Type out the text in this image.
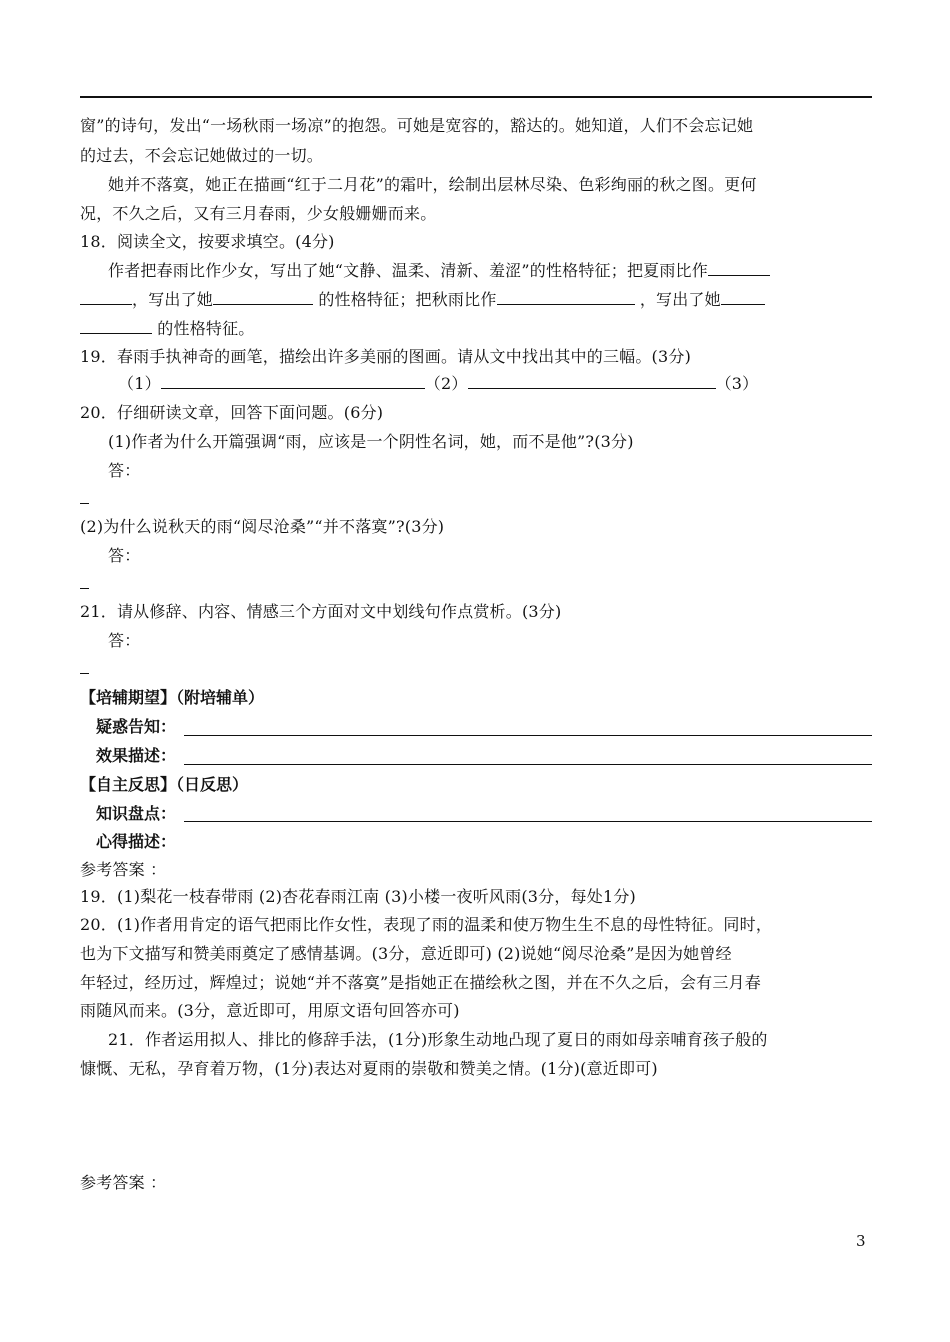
窗”的诗句，发出“一场秋雨一场凉”的抱怨。可她是宽容的，豁达的。她知道，人们不会忘记她
的过去，不会忘记她做过的一切。
她并不落寞，她正在描画“红于二月花”的霜叶，绘制出层林尽染、色彩绚丽的秋之图。更何
况，不久之后，又有三月春雨，少女般姗姗而来。
18．阅读全文，按要求填空。(4分)
作者把春雨比作少女，写出了她“文静、温柔、清新、羞涩”的性格特征；把夏雨比作
，写出了她	的性格特征；把秋雨比作	，写出了她
的性格特征。
19．春雨手执神奇的画笔，描绘出许多美丽的图画。请从文中找出其中的三幅。(3分)
（1）	（2）	（3）
20．仔细研读文章，回答下面问题。(6分)
(1)作者为什么开篇强调“雨，应该是一个阴性名词，她，而不是他”?(3分)
答：
(2)为什么说秋天的雨“阅尽沧桑”“并不落寞”?(3分)
答：
21．请从修辞、内容、情感三个方面对文中划线句作点赏析。(3分)
答：
【培辅期望】（附培辅单）
疑惑告知：
效果描述：
【自主反思】（日反思）
知识盘点：
心得描述：
参考答案 ：
19．(1)梨花一枝春带雨 (2)杏花春雨江南 (3)小楼一夜听风雨(3分，每处1分)
20．(1)作者用肯定的语气把雨比作女性，表现了雨的温柔和使万物生生不息的母性特征。同时，
也为下文描写和赞美雨奠定了感情基调。(3分，意近即可) (2)说她“阅尽沧桑”是因为她曾经
年轻过，经历过，辉煌过；说她“并不落寞”是指她正在描绘秋之图，并在不久之后，会有三月春
雨随风而来。(3分，意近即可，用原文语句回答亦可)
21．作者运用拟人、排比的修辞手法，(1分)形象生动地凸现了夏日的雨如母亲哺育孩子般的
慷慨、无私，孕育着万物，(1分)表达对夏雨的崇敬和赞美之情。(1分)(意近即可)
参考答案 ：
3
